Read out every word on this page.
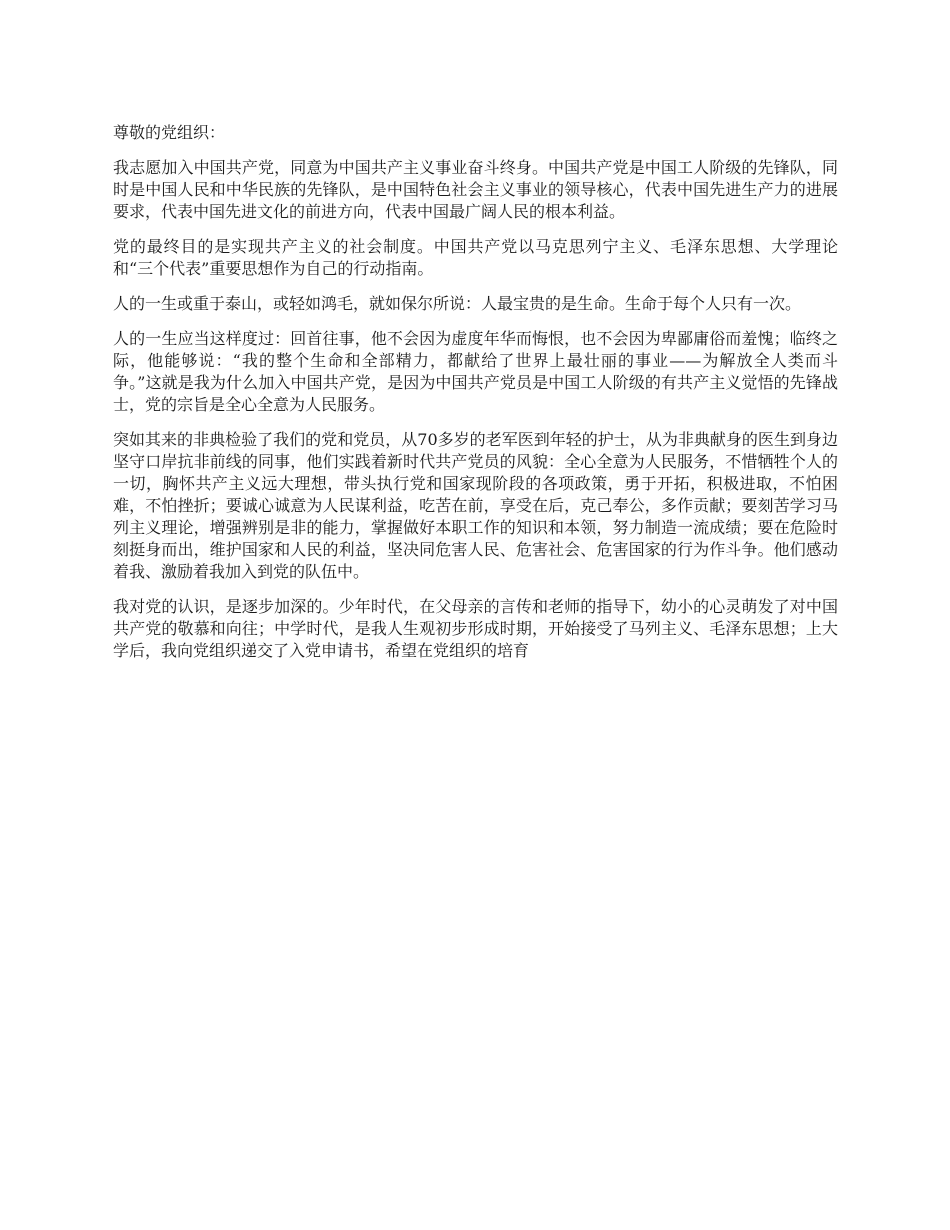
尊敬的党组织：

我志愿加入中国共产党，同意为中国共产主义事业奋斗终身。中国共产党是中国工人阶级的先锋队，同时是中国人民和中华民族的先锋队，是中国特色社会主义事业的领导核心，代表中国先进生产力的进展要求，代表中国先进文化的前进方向，代表中国最广阔人民的根本利益。

党的最终目的是实现共产主义的社会制度。中国共产党以马克思列宁主义、毛泽东思想、大学理论和“三个代表”重要思想作为自己的行动指南。

人的一生或重于泰山，或轻如鸿毛，就如保尔所说：人最宝贵的是生命。生命于每个人只有一次。

人的一生应当这样度过：回首往事，他不会因为虚度年华而悔恨，也不会因为卑鄙庸俗而羞愧；临终之际，他能够说：“我的整个生命和全部精力，都献给了世界上最壮丽的事业——为解放全人类而斗争。”这就是我为什么加入中国共产党，是因为中国共产党员是中国工人阶级的有共产主义觉悟的先锋战士，党的宗旨是全心全意为人民服务。

突如其来的非典检验了我们的党和党员，从70多岁的老军医到年轻的护士，从为非典献身的医生到身边坚守口岸抗非前线的同事，他们实践着新时代共产党员的风貌：全心全意为人民服务，不惜牺牲个人的一切，胸怀共产主义远大理想，带头执行党和国家现阶段的各项政策，勇于开拓，积极进取，不怕困难，不怕挫折；要诚心诚意为人民谋利益，吃苦在前，享受在后，克己奉公，多作贡献；要刻苦学习马列主义理论，增强辨别是非的能力，掌握做好本职工作的知识和本领，努力制造一流成绩；要在危险时刻挺身而出，维护国家和人民的利益，坚决同危害人民、危害社会、危害国家的行为作斗争。他们感动着我、激励着我加入到党的队伍中。

我对党的认识，是逐步加深的。少年时代，在父母亲的言传和老师的指导下，幼小的心灵萌发了对中国共产党的敬慕和向往；中学时代，是我人生观初步形成时期，开始接受了马列主义、毛泽东思想；上大学后，我向党组织递交了入党申请书，希望在党组织的培育
